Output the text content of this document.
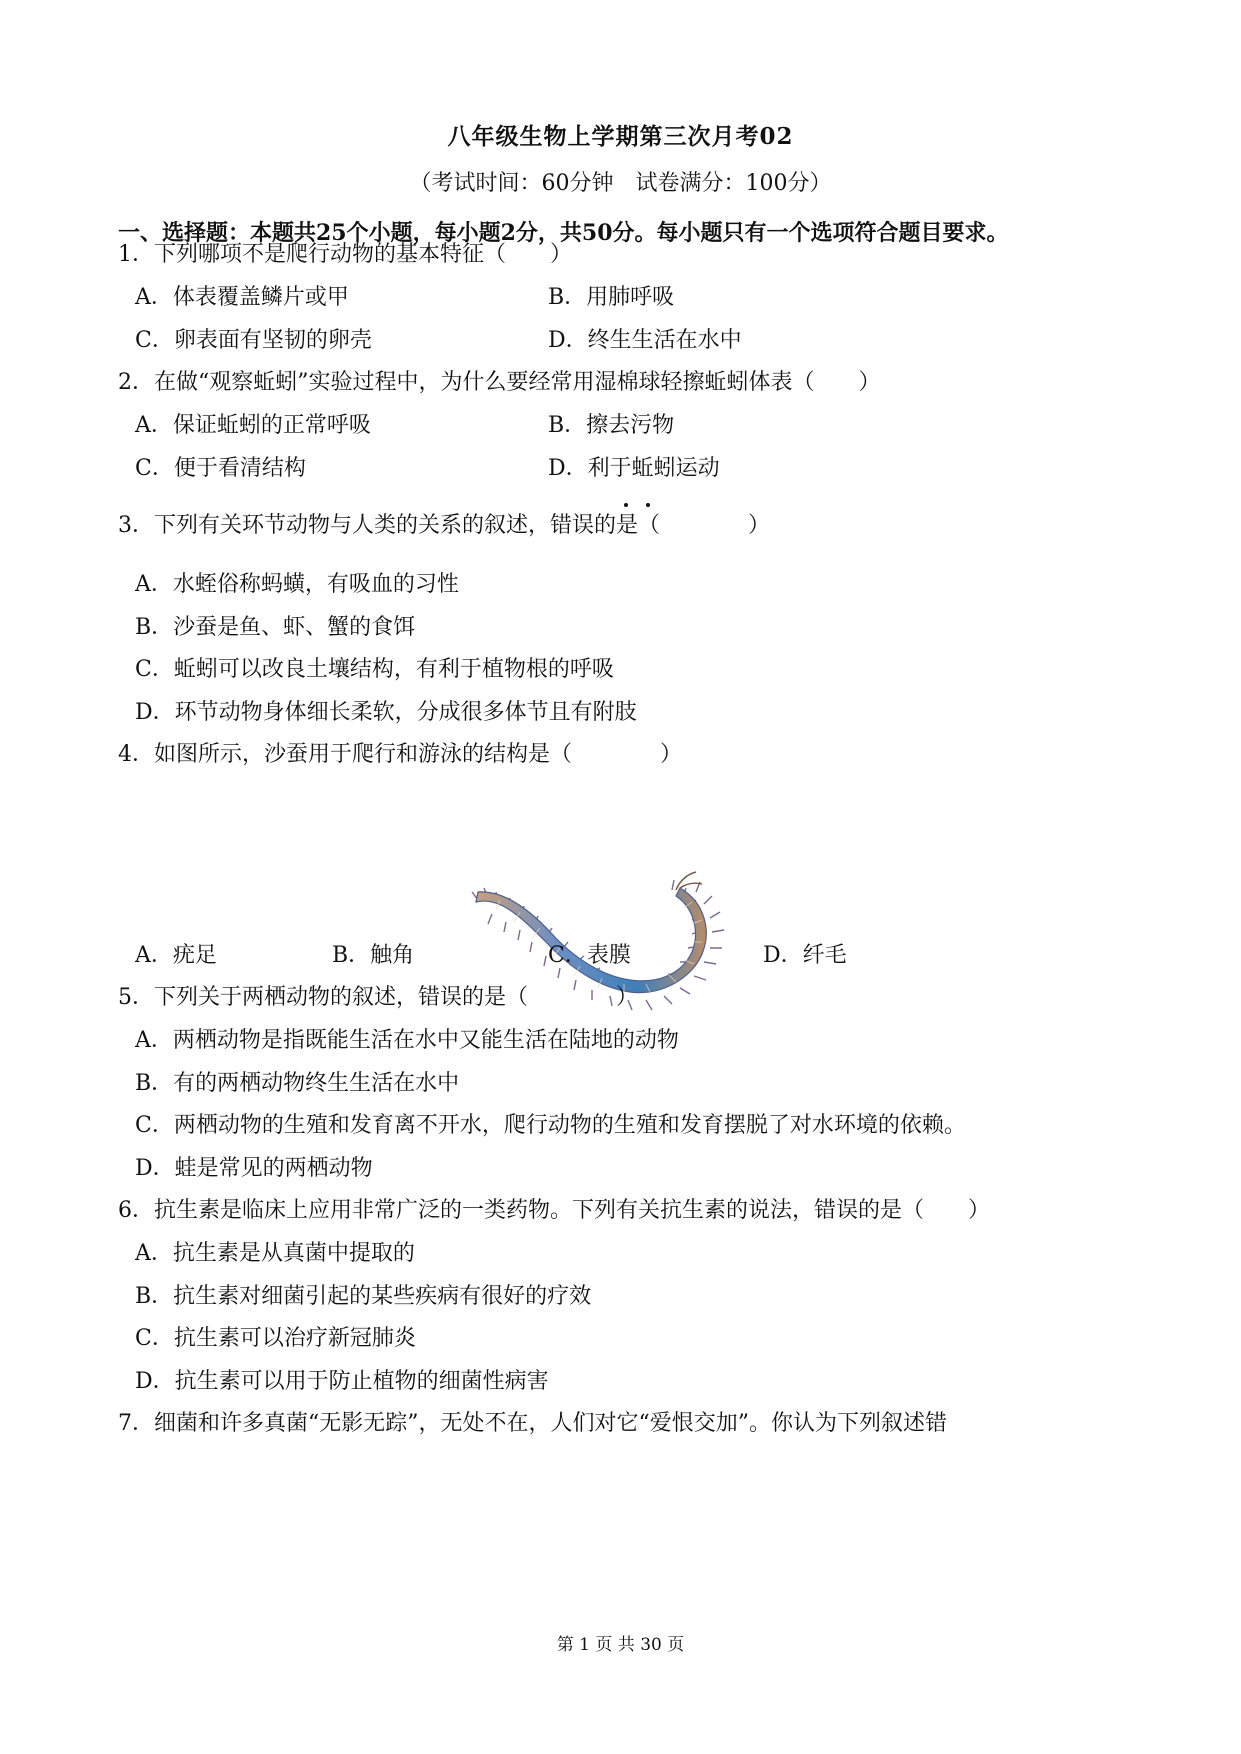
八年级生物上学期第三次月考02
（考试时间：60分钟　试卷满分：100分）
一、选择题：本题共25个小题，每小题2分，共50分。每小题只有一个选项符合题目要求。
1．下列哪项不是爬行动物的基本特征（　　）
A．体表覆盖鳞片或甲	B．用肺呼吸
C．卵表面有坚韧的卵壳	D．终生生活在水中
2．在做“观察蚯蚓”实验过程中，为什么要经常用湿棉球轻擦蚯蚓体表（　　）
A．保证蚯蚓的正常呼吸	B．擦去污物
C．便于看清结构	D．利于蚯蚓运动
3．下列有关环节动物与人类的关系的叙述，错误的是（　　　　）
A．水蛭俗称蚂蟥，有吸血的习性
B．沙蚕是鱼、虾、蟹的食饵
C．蚯蚓可以改良土壤结构，有利于植物根的呼吸
D．环节动物身体细长柔软，分成很多体节且有附肢
4．如图所示，沙蚕用于爬行和游泳的结构是（　　　　）
A．疣足	B．触角	C．表膜	D．纤毛
5．下列关于两栖动物的叙述，错误的是（　　　　）
A．两栖动物是指既能生活在水中又能生活在陆地的动物
B．有的两栖动物终生生活在水中
C．两栖动物的生殖和发育离不开水，爬行动物的生殖和发育摆脱了对水环境的依赖。
D．蛙是常见的两栖动物
6．抗生素是临床上应用非常广泛的一类药物。下列有关抗生素的说法，错误的是（　　）
A．抗生素是从真菌中提取的
B．抗生素对细菌引起的某些疾病有很好的疗效
C．抗生素可以治疗新冠肺炎
D．抗生素可以用于防止植物的细菌性病害
7．细菌和许多真菌“无影无踪”，无处不在，人们对它“爱恨交加”。你认为下列叙述错
第 1 页 共 30 页
